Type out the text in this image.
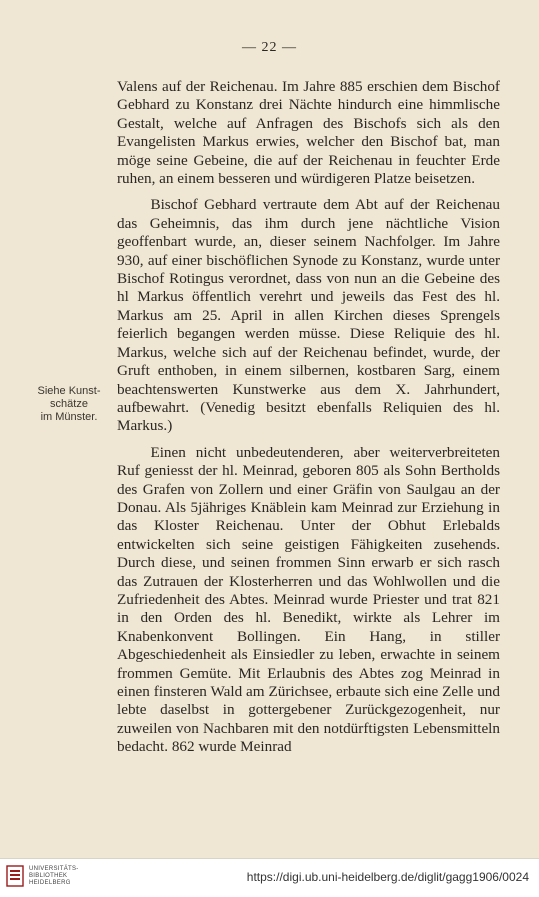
— 22 —

Valens auf der Reichenau. Im Jahre 885 erschien dem Bischof Gebhard zu Konstanz drei Nächte hindurch eine himmlische Gestalt, welche auf Anfragen des Bischofs sich als den Evangelisten Markus erwies, welcher den Bischof bat, man möge seine Gebeine, die auf der Reichenau in feuchter Erde ruhen, an einem besseren und würdigeren Platze beisetzen.

Bischof Gebhard vertraute dem Abt auf der Reichenau das Geheimnis, das ihm durch jene nächtliche Vision geoffenbart wurde, an, dieser seinem Nachfolger. Im Jahre 930, auf einer bischöflichen Synode zu Konstanz, wurde unter Bischof Rotingus verordnet, dass von nun an die Gebeine des hl Markus öffentlich verehrt und jeweils das Fest des hl. Markus am 25. April in allen Kirchen dieses Sprengels feierlich begangen werden müsse. Diese Reliquie des hl. Markus, welche sich auf der Reichenau befindet, wurde, der Gruft enthoben, in einem silbernen, kostbaren Sarg, einem beachtenswerten Kunstwerke aus dem X. Jahrhundert, aufbewahrt. (Venedig besitzt ebenfalls Reliquien des hl. Markus.)

Einen nicht unbedeutenderen, aber weiterverbreiteten Ruf geniesst der hl. Meinrad, geboren 805 als Sohn Bertholds des Grafen von Zollern und einer Gräfin von Saulgau an der Donau. Als 5jähriges Knäblein kam Meinrad zur Erziehung in das Kloster Reichenau. Unter der Obhut Erlebalds entwickelten sich seine geistigen Fähigkeiten zusehends. Durch diese, und seinen frommen Sinn erwarb er sich rasch das Zutrauen der Klosterherren und das Wohlwollen und die Zufriedenheit des Abtes. Meinrad wurde Priester und trat 821 in den Orden des hl. Benedikt, wirkte als Lehrer im Knabenkonvent Bollingen. Ein Hang, in stiller Abgeschiedenheit als Einsiedler zu leben, erwachte in seinem frommen Gemüte. Mit Erlaubnis des Abtes zog Meinrad in einen finsteren Wald am Zürichsee, erbaute sich eine Zelle und lebte daselbst in gottergebener Zurückgezogenheit, nur zuweilen von Nachbaren mit den notdürftigsten Lebensmitteln bedacht. 862 wurde Meinrad

Siehe Kunst-
schätze
im Münster.
UNIVERSITÄTS-
BIBLIOTHEK
HEIDELBERG	https://digi.ub.uni-heidelberg.de/diglit/gagg1906/0024
